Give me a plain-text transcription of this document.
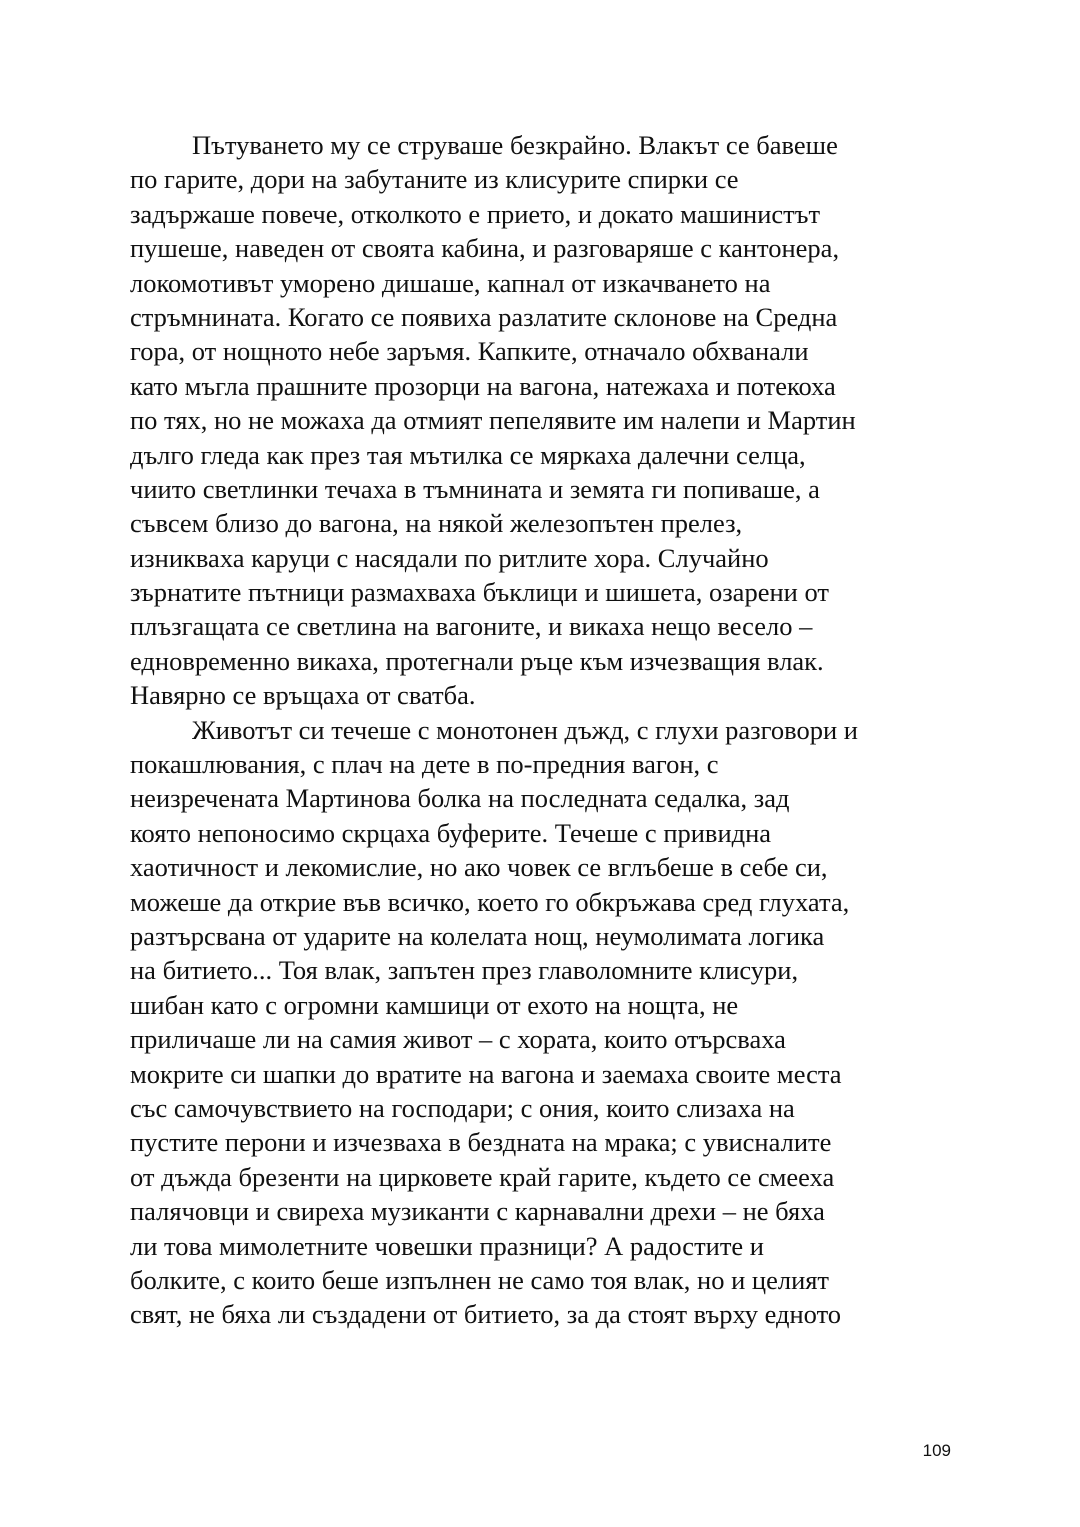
Пътуването му се струваше безкрайно. Влакът се бавеше
по гарите, дори на забутаните из клисурите спирки се
задържаше повече, отколкото е прието, и докато машинистът
пушеше, наведен от своята кабина, и разговаряше с кантонера,
локомотивът уморено дишаше, капнал от изкачването на
стръмнината. Когато се появиха разлатите склонове на Средна
гора, от нощното небе заръмя. Капките, отначало обхванали
като мъгла прашните прозорци на вагона, натежаха и потекоха
по тях, но не можаха да отмият пепелявите им налепи и Мартин
дълго гледа как през тая мътилка се мяркаха далечни селца,
чиито светлинки течаха в тъмнината и земята ги попиваше, а
съвсем близо до вагона, на някой железопътен прелез,
изникваха каруци с насядали по ритлите хора. Случайно
зърнатите пътници размахваха бъклици и шишета, озарени от
плъзгащата се светлина на вагоните, и викаха нещо весело –
едновременно викаха, протегнали ръце към изчезващия влак.
Навярно се връщаха от сватба.
Животът си течеше с монотонен дъжд, с глухи разговори и
покашлювания, с плач на дете в по-предния вагон, с
неизречената Мартинова болка на последната седалка, зад
която непоносимо скрцаха буферите. Течеше с привидна
хаотичност и лекомислие, но ако човек се вглъбеше в себе си,
можеше да открие във всичко, което го обкръжава сред глухата,
разтърсвана от ударите на колелата нощ, неумолимата логика
на битието... Тоя влак, запътен през главоломните клисури,
шибан като с огромни камшици от ехото на нощта, не
приличаше ли на самия живот – с хората, които отърсваха
мокрите си шапки до вратите на вагона и заемаха своите места
със самочувствието на господари; с ония, които слизаха на
пустите перони и изчезваха в бездната на мрака; с увисналите
от дъжда брезенти на цирковете край гарите, където се смееха
палячовци и свиреха музиканти с карнавални дрехи – не бяха
ли това мимолетните човешки празници? А радостите и
болките, с които беше изпълнен не само тоя влак, но и целият
свят, не бяха ли създадени от битието, за да стоят върху едното
109
